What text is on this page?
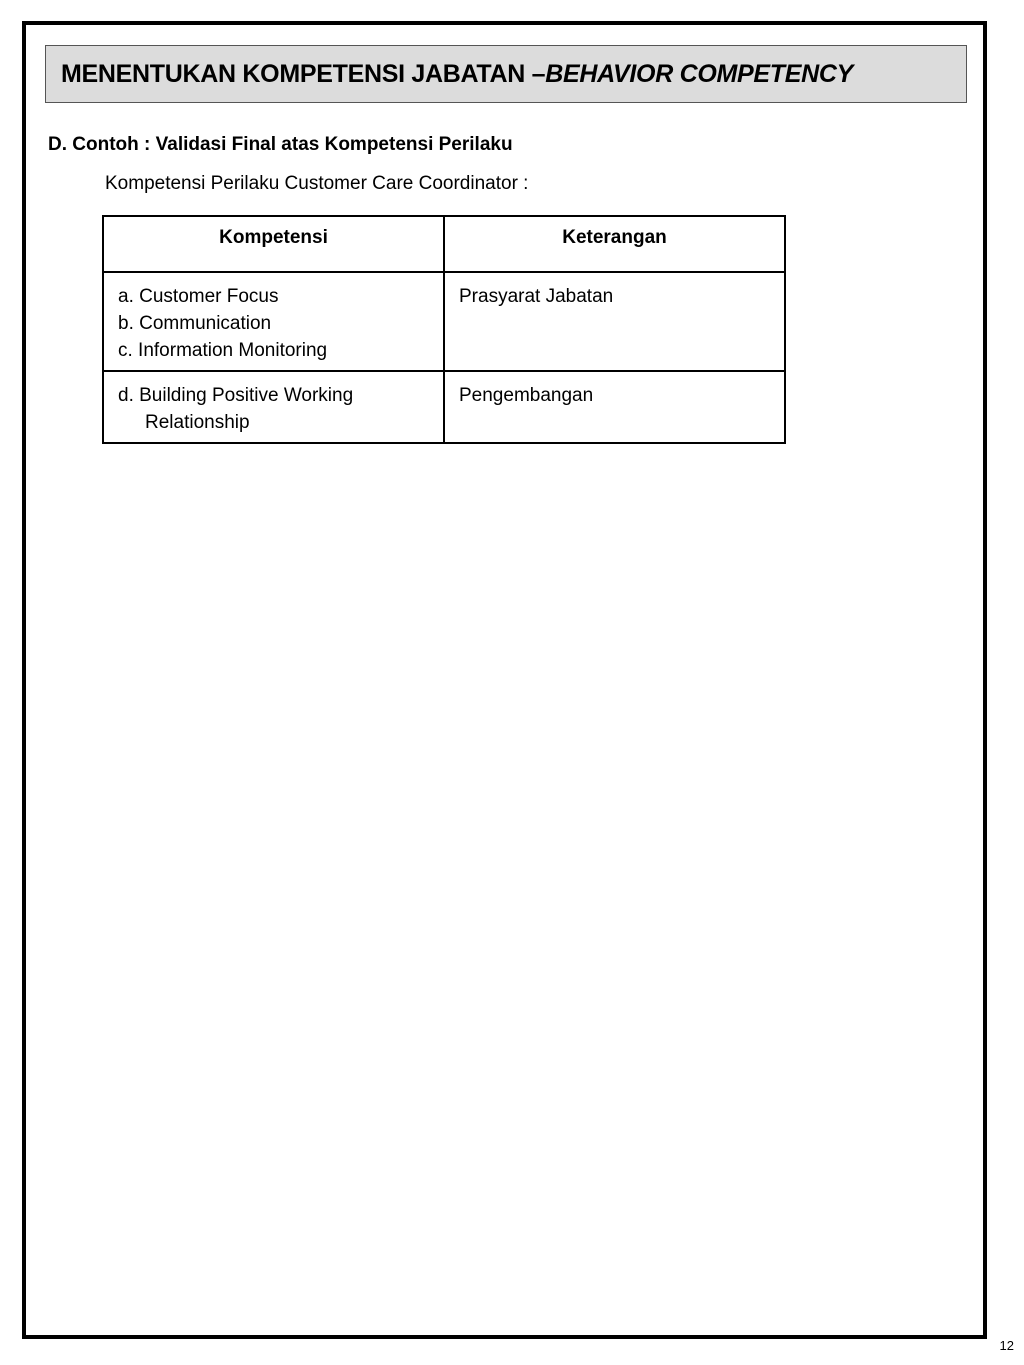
MENENTUKAN KOMPETENSI JABATAN – BEHAVIOR COMPETENCY
D. Contoh : Validasi Final atas Kompetensi Perilaku
Kompetensi Perilaku Customer Care Coordinator :
Kompetensi	Keterangan

a. Customer Focus
b. Communication
c. Information Monitoring	Prasyarat Jabatan

d. Building Positive Working
Relationship	Pengembangan
12
